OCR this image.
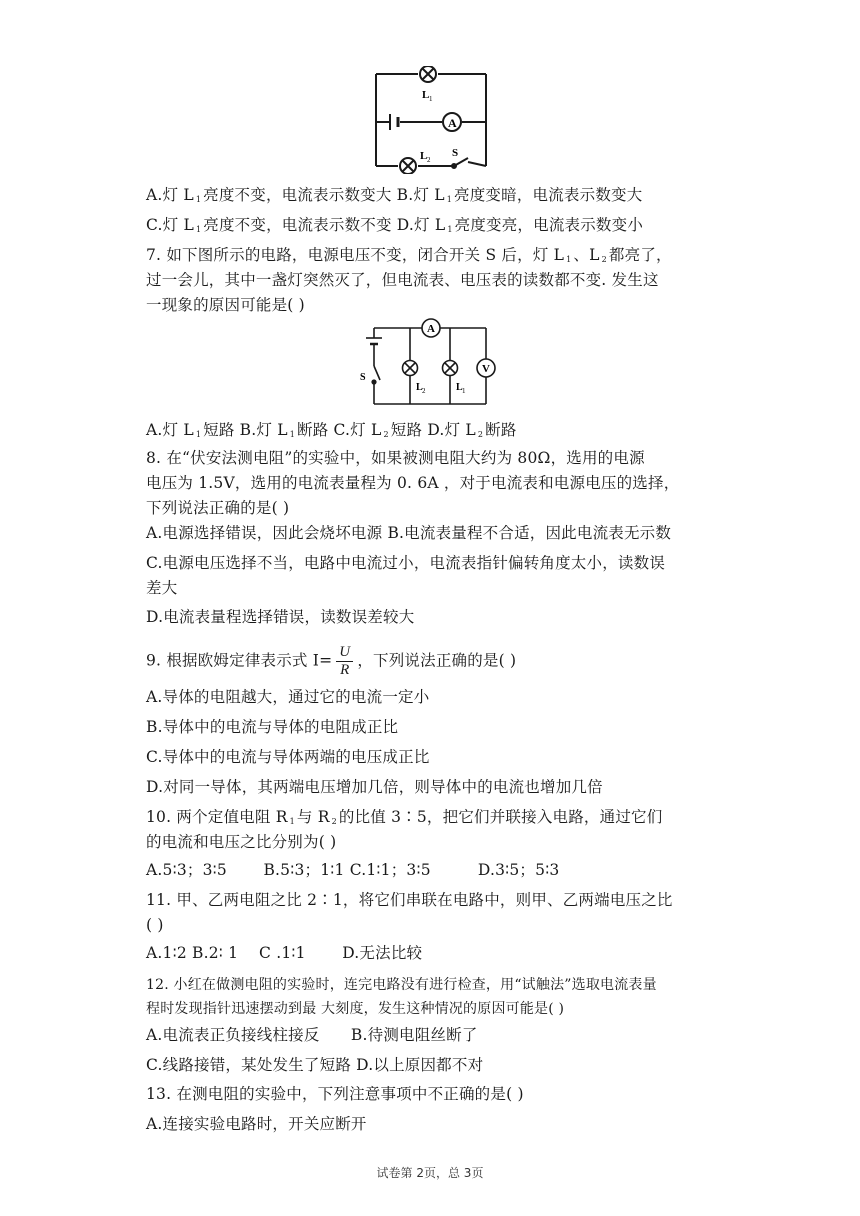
A
L 1
L 2
S
A.灯 L $_1$ 亮度不变，电流表示数变大 B.灯 L $_1$ 亮度变暗，电流表示数变大
C.灯 L $_1$ 亮度不变，电流表示数不变 D.灯 L $_1$ 亮度变亮，电流表示数变小
7. 如下图所示的电路，电源电压不变，闭合开关 S 后，灯 L $_1$ 、L $_2$ 都亮了，
过一会儿，其中一盏灯突然灭了，但电流表、电压表的读数都不变. 发生这
一现象的原因可能是( )
A
V
S
L 2	L 1
A.灯 L $_1$ 短路 B.灯 L $_1$ 断路 C.灯 L $_2$ 短路 D.灯 L $_2$ 断路
8. 在“伏安法测电阻”的实验中，如果被测电阻大约为 80Ω，选用的电源
电压为 1.5V，选用的电流表量程为 0. 6A ，对于电流表和电源电压的选择，
下列说法正确的是( )
A.电源选择错误，因此会烧坏电源 B.电流表量程不合适，因此电流表无示数
C.电源电压选择不当，电路中电流过小，电流表指针偏转角度太小，读数误
差大
D.电流表量程选择错误，读数误差较大
9. 根据欧姆定律表示式 $I= \frac{U}{R}$ ，下列说法正确的是( )
A.导体的电阻越大，通过它的电流一定小
B.导体中的电流与导体的电阻成正比
C.导体中的电流与导体两端的电压成正比
D.对同一导体，其两端电压增加几倍，则导体中的电流也增加几倍
10. 两个定值电阻 R $_1$ 与 R $_2$ 的比值 3∶5，把它们并联接入电路，通过它们
的电流和电压之比分别为( )
A.5∶3；3∶5　　 B.5∶3；1∶1 C.1∶1；3∶5　　　D.3∶5；5∶3
11. 甲、乙两电阻之比 2∶1，将它们串联在电路中，则甲、乙两端电压之比
( )
A.1∶2 B.2∶ 1　 C .1∶1　　 D.无法比较
12. 小红在做测电阻的实验时，连完电路没有进行检查，用“试触法”选取电流表量
程时发现指针迅速摆动到最 大刻度，发生这种情况的原因可能是( )
A.电流表正负接线柱接反　　B.待测电阻丝断了
C.线路接错，某处发生了短路 D.以上原因都不对
13. 在测电阻的实验中，下列注意事项中不正确的是( )
A.连接实验电路时，开关应断开
试卷第 2页，总 3页
